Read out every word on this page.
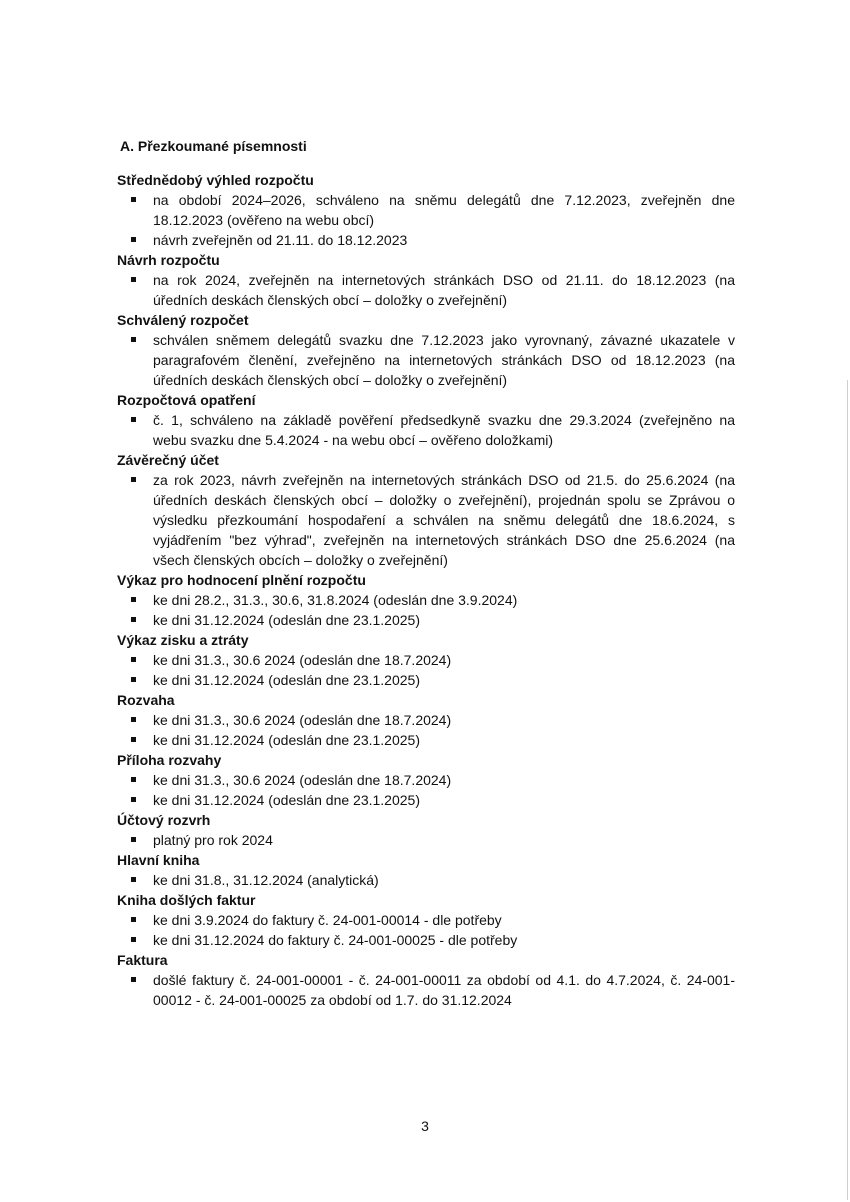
A. Přezkoumané písemnosti

Střednědobý výhled rozpočtu

na období 2024–2026, schváleno na sněmu delegátů dne 7.12.2023, zveřejněn dne 18.12.2023 (ověřeno na webu obcí)
návrh zveřejněn od 21.11. do 18.12.2023

Návrh rozpočtu

na rok 2024, zveřejněn na internetových stránkách DSO od 21.11. do 18.12.2023 (na úředních deskách členských obcí – doložky o zveřejnění)

Schválený rozpočet

schválen sněmem delegátů svazku dne 7.12.2023 jako vyrovnaný, závazné ukazatele v paragrafovém členění, zveřejněno na internetových stránkách DSO od 18.12.2023 (na úředních deskách členských obcí – doložky o zveřejnění)

Rozpočtová opatření

č. 1, schváleno na základě pověření předsedkyně svazku dne 29.3.2024 (zveřejněno na webu svazku dne 5.4.2024 - na webu obcí – ověřeno doložkami)

Závěrečný účet

za rok 2023, návrh zveřejněn na internetových stránkách DSO od 21.5. do 25.6.2024 (na úředních deskách členských obcí – doložky o zveřejnění), projednán spolu se Zprávou o výsledku přezkoumání hospodaření a schválen na sněmu delegátů dne 18.6.2024, s vyjádřením "bez výhrad", zveřejněn na internetových stránkách DSO dne 25.6.2024 (na všech členských obcích – doložky o zveřejnění)

Výkaz pro hodnocení plnění rozpočtu

ke dni 28.2., 31.3., 30.6, 31.8.2024 (odeslán dne 3.9.2024)
ke dni 31.12.2024 (odeslán dne 23.1.2025)

Výkaz zisku a ztráty

ke dni 31.3., 30.6 2024 (odeslán dne 18.7.2024)
ke dni 31.12.2024 (odeslán dne 23.1.2025)

Rozvaha

ke dni 31.3., 30.6 2024 (odeslán dne 18.7.2024)
ke dni 31.12.2024 (odeslán dne 23.1.2025)

Příloha rozvahy

ke dni 31.3., 30.6 2024 (odeslán dne 18.7.2024)
ke dni 31.12.2024 (odeslán dne 23.1.2025)

Účtový rozvrh

platný pro rok 2024

Hlavní kniha

ke dni 31.8., 31.12.2024 (analytická)

Kniha došlých faktur

ke dni 3.9.2024 do faktury č. 24-001-00014 - dle potřeby
ke dni 31.12.2024 do faktury č. 24-001-00025 - dle potřeby

Faktura

došlé faktury č. 24-001-00001 - č. 24-001-00011 za období od 4.1. do 4.7.2024, č. 24-001-00012 - č. 24-001-00025 za období od 1.7. do 31.12.2024
3
